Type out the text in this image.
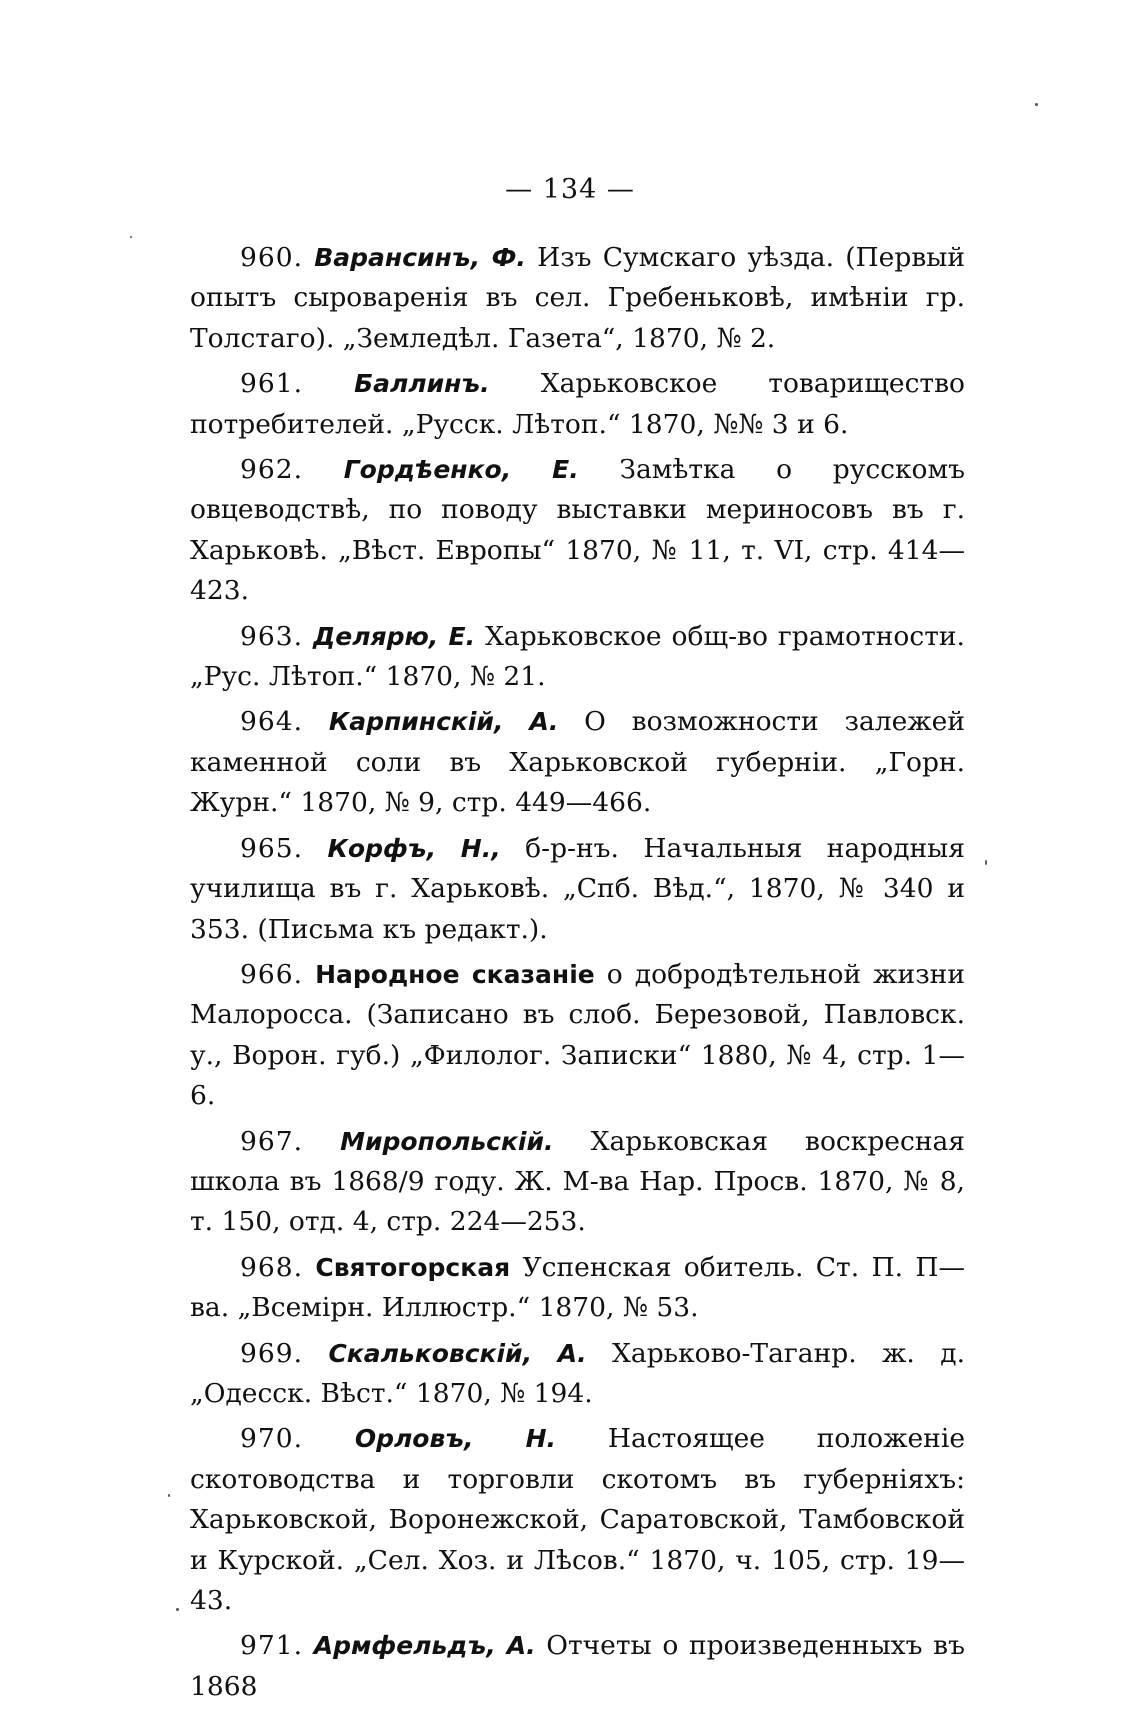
— 134 —

960. Варансинъ, Ф. Изъ Сумскаго уѣзда. (Первый опытъ сыроваренія въ сел. Гребеньковѣ, имѣніи гр. Толстаго). „Земледѣл. Газета“, 1870, № 2.

961. Баллинъ. Харьковское товарищество потребителей. „Русск. Лѣтоп.“ 1870, №№ 3 и 6.

962. Гордѣенко, Е. Замѣтка о русскомъ овцеводствѣ, по поводу выставки мериносовъ въ г. Харьковѣ. „Вѣст. Европы“ 1870, № 11, т. VI, стр. 414—423.

963. Делярю, Е. Харьковское общ-во грамотности. „Рус. Лѣтоп.“ 1870, № 21.

964. Карпинскій, А. О возможности залежей каменной соли въ Харьковской губерніи. „Горн. Журн.“ 1870, № 9, стр. 449—466.

965. Корфъ, Н., б-р-нъ. Начальныя народныя училища въ г. Харьковѣ. „Спб. Вѣд.“, 1870, № 340 и 353. (Письма къ редакт.).

966. Народное сказаніе о добродѣтельной жизни Малоросса. (Записано въ слоб. Березовой, Павловск. у., Ворон. губ.) „Филолог. Записки“ 1880, № 4, стр. 1—6.

967. Миропольскій. Харьковская воскресная школа въ 1868/9 году. Ж. М-ва Нар. Просв. 1870, № 8, т. 150, отд. 4, стр. 224—253.

968. Святогорская Успенская обитель. Ст. П. П—ва. „Всемірн. Иллюстр.“ 1870, № 53.

969. Скальковскій, А. Харьково-Таганр. ж. д. „Одесск. Вѣст.“ 1870, № 194.

970. Орловъ, Н. Настоящее положеніе скотоводства и торговли скотомъ въ губерніяхъ: Харьковской, Воронежской, Саратовской, Тамбовской и Курской. „Сел. Хоз. и Лѣсов.“ 1870, ч. 105, стр. 19—43.

971. Армфельдъ, А. Отчеты о произведенныхъ въ 1868
